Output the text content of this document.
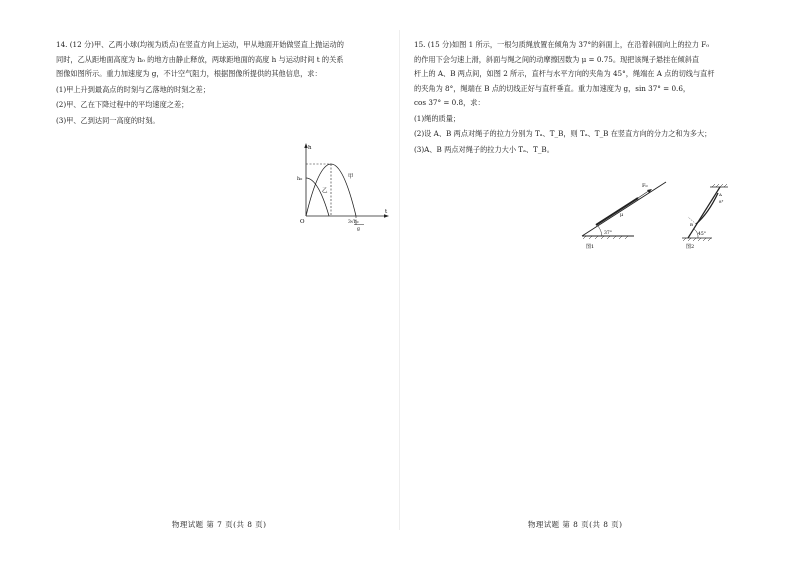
14. (12 分)甲、乙两小球(均视为质点)在竖直方向上运动，甲从地面开始做竖直上抛运动的

同时，乙从距地面高度为 h₀ 的地方由静止释放，两球距地面的高度 h 与运动时间 t 的关系

图像如图所示。重力加速度为 g，不计空气阻力，根据图像所提供的其他信息，求：

(1)甲上升到最高点的时刻与乙落地的时刻之差；

(2)甲、乙在下降过程中的平均速度之差；

(3)甲、乙到达同一高度的时刻。

h
t
O
h₀	甲
乙
3√h₀
g
物理试题 第 7 页(共 8 页)

15. (15 分)如图 1 所示，一根匀质绳放置在倾角为 37°的斜面上，在沿着斜面向上的拉力 F₀

的作用下会匀速上滑，斜面与绳之间的动摩擦因数为 μ = 0.75。现把该绳子悬挂在倾斜直

杆上的 A、B 两点间，如图 2 所示，直杆与水平方向的夹角为 45°，绳端在 A 点的切线与直杆

的夹角为 8°，绳端在 B 点的切线正好与直杆垂直。重力加速度为 g，sin 37° = 0.6，

cos 37° = 0.8，求：

(1)绳的质量；

(2)设 A、B 两点对绳子的拉力分别为 Tₐ、T_B，则 Tₐ、T_B 在竖直方向的分力之和为多大；

(3)A、B 两点对绳子的拉力大小 Tₐ、T_B。

F₀
μ
37°
图1
A
8°
B
45°
图2
物理试题 第 8 页(共 8 页)
